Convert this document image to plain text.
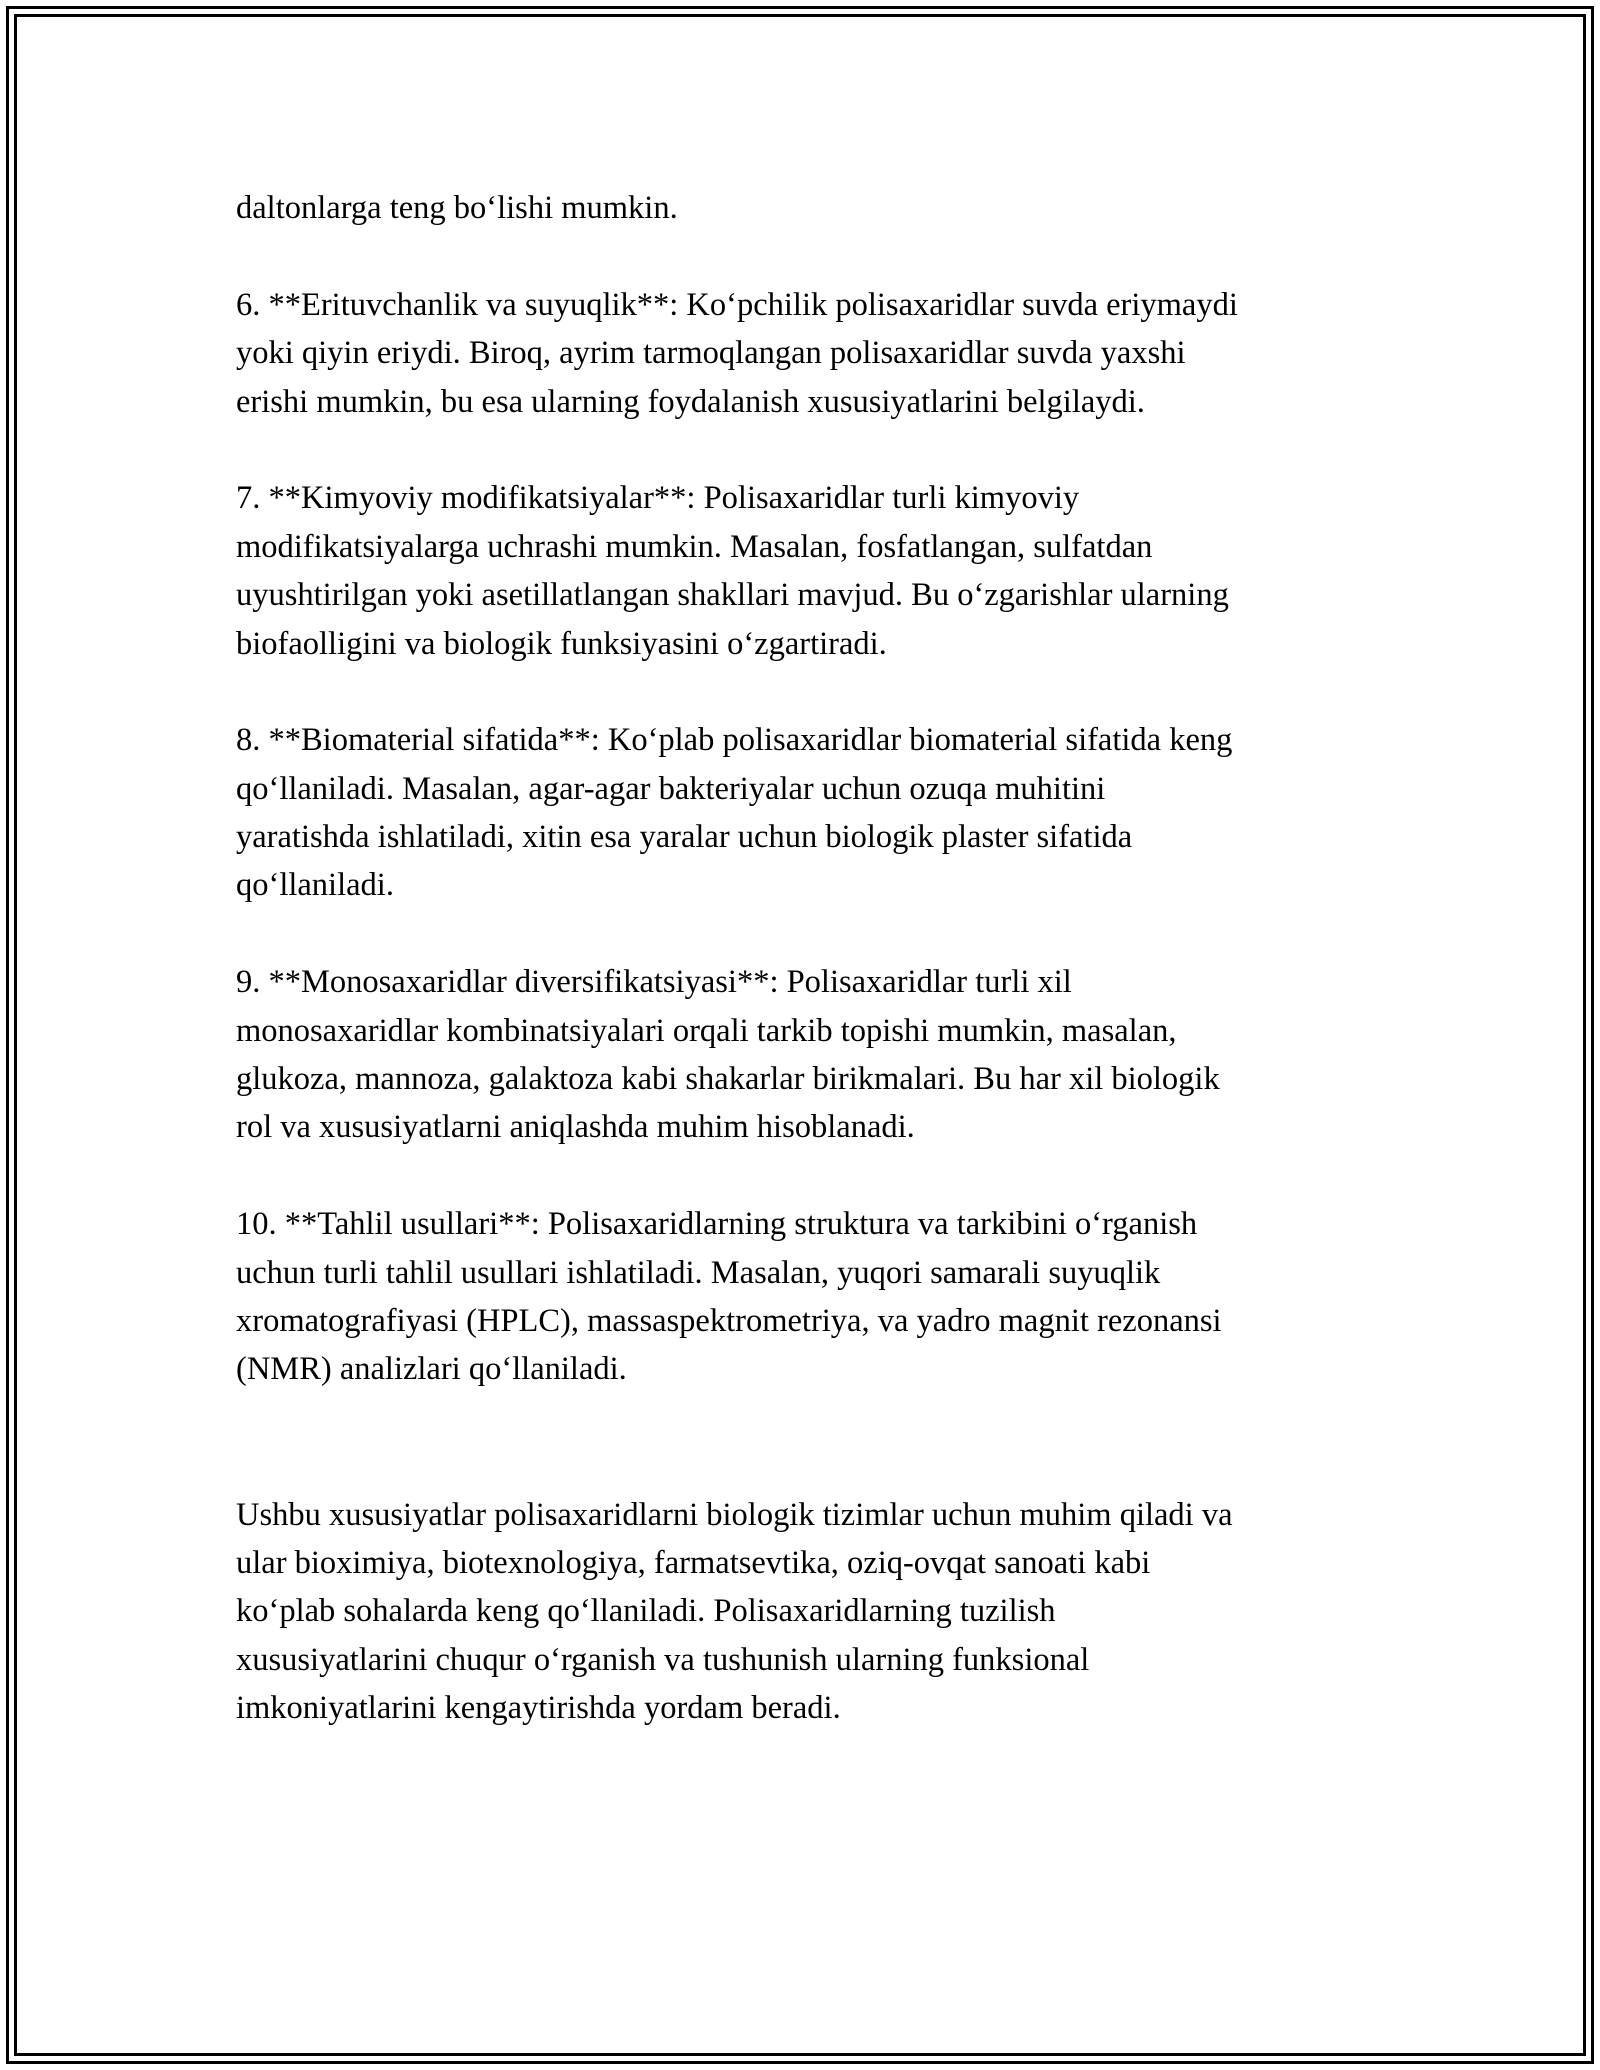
daltonlarga teng bo‘lishi mumkin.
6. **Erituvchanlik va suyuqlik**: Ko‘pchilik polisaxaridlar suvda eriymaydi
yoki qiyin eriydi. Biroq, ayrim tarmoqlangan polisaxaridlar suvda yaxshi
erishi mumkin, bu esa ularning foydalanish xususiyatlarini belgilaydi.
7. **Kimyoviy modifikatsiyalar**: Polisaxaridlar turli kimyoviy
modifikatsiyalarga uchrashi mumkin. Masalan, fosfatlangan, sulfatdan
uyushtirilgan yoki asetillatlangan shakllari mavjud. Bu o‘zgarishlar ularning
biofaolligini va biologik funksiyasini o‘zgartiradi.
8. **Biomaterial sifatida**: Ko‘plab polisaxaridlar biomaterial sifatida keng
qo‘llaniladi. Masalan, agar-agar bakteriyalar uchun ozuqa muhitini
yaratishda ishlatiladi, xitin esa yaralar uchun biologik plaster sifatida
qo‘llaniladi.
9. **Monosaxaridlar diversifikatsiyasi**: Polisaxaridlar turli xil
monosaxaridlar kombinatsiyalari orqali tarkib topishi mumkin, masalan,
glukoza, mannoza, galaktoza kabi shakarlar birikmalari. Bu har xil biologik
rol va xususiyatlarni aniqlashda muhim hisoblanadi.
10. **Tahlil usullari**: Polisaxaridlarning struktura va tarkibini o‘rganish
uchun turli tahlil usullari ishlatiladi. Masalan, yuqori samarali suyuqlik
xromatografiyasi (HPLC), massaspektrometriya, va yadro magnit rezonansi
(NMR) analizlari qo‘llaniladi.
Ushbu xususiyatlar polisaxaridlarni biologik tizimlar uchun muhim qiladi va
ular bioximiya, biotexnologiya, farmatsevtika, oziq-ovqat sanoati kabi
ko‘plab sohalarda keng qo‘llaniladi. Polisaxaridlarning tuzilish
xususiyatlarini chuqur o‘rganish va tushunish ularning funksional
imkoniyatlarini kengaytirishda yordam beradi.
